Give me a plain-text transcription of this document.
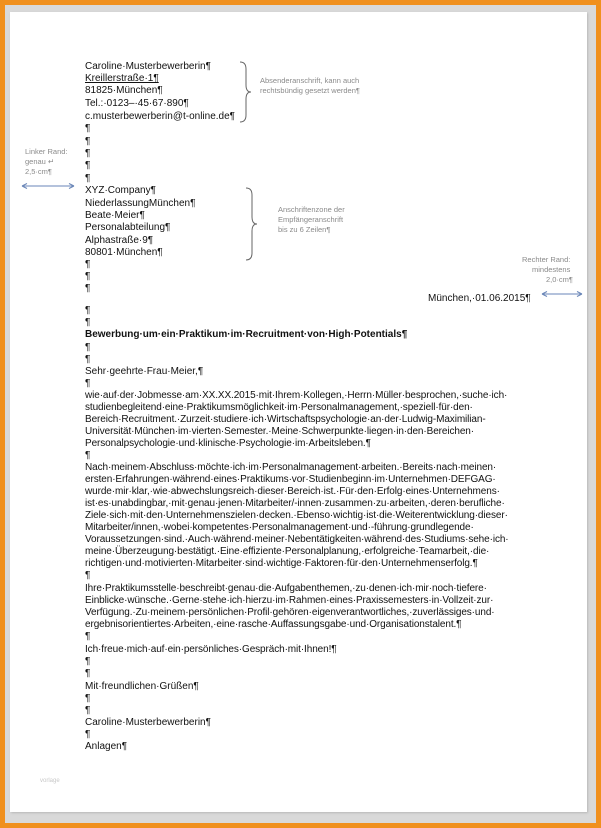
Caroline·Musterbewerberin¶
Kreillerstraße·1¶
81825·München¶
Tel.:·0123–·45·67·890¶
c.musterbewerberin@t-online.de¶
Absenderanschrift, kann auch
rechtsbündig gesetzt werden¶
¶
¶
¶
¶
¶
Linker Rand:
genau ↵
2,5·cm¶
XYZ·Company¶
NiederlassungMünchen¶
Beate·Meier¶
Personalabteilung¶
Alphastraße·9¶
80801·München¶
Anschriftenzone der
Empfängeranschrift
bis zu 6 Zeilen¶
¶
¶
¶
Rechter Rand:
mindestens
2,0·cm¶
München,·01.06.2015¶
¶
¶
Bewerbung·um·ein·Praktikum·im·Recruitment·von·High·Potentials¶
¶
¶
Sehr·geehrte·Frau·Meier,¶
¶
wie·auf·der·Jobmesse·am·XX.XX.2015·mit·Ihrem·Kollegen,·Herrn·Müller·besprochen,·suche·ich·
studienbegleitend·eine·Praktikumsmöglichkeit·im·Personalmanagement,·speziell·für·den·
Bereich·Recruitment.·Zurzeit·studiere·ich·Wirtschaftspsychologie·an·der·Ludwig-Maximilian-
Universität·München·im·vierten·Semester.·Meine·Schwerpunkte·liegen·in·den·Bereichen·
Personalpsychologie·und·klinische·Psychologie·im·Arbeitsleben.¶
¶
Nach·meinem·Abschluss·möchte·ich·im·Personalmanagement·arbeiten.·Bereits·nach·meinen·
ersten·Erfahrungen·während·eines·Praktikums·vor·Studienbeginn·im·Unternehmen·DEFGAG·
wurde·mir·klar,·wie·abwechslungsreich·dieser·Bereich·ist.·Für·den·Erfolg·eines·Unternehmens·
ist·es·unabdingbar,·mit·genau·jenen·Mitarbeiter/-innen·zusammen·zu·arbeiten,·deren·berufliche·
Ziele·sich·mit·den·Unternehmenszielen·decken.·Ebenso·wichtig·ist·die·Weiterentwicklung·dieser·
Mitarbeiter/innen,·wobei·kompetentes·Personalmanagement·und·-führung·grundlegende·
Voraussetzungen·sind.·Auch·während·meiner·Nebentätigkeiten·während·des·Studiums·sehe·ich·
meine·Überzeugung·bestätigt.·Eine·effiziente·Personalplanung,·erfolgreiche·Teamarbeit,·die·
richtigen·und·motivierten·Mitarbeiter·sind·wichtige·Faktoren·für·den·Unternehmenserfolg.¶
¶
Ihre·Praktikumsstelle·beschreibt·genau·die·Aufgabenthemen,·zu·denen·ich·mir·noch·tiefere·
Einblicke·wünsche.·Gerne·stehe·ich·hierzu·im·Rahmen·eines·Praxissemesters·in·Vollzeit·zur·
Verfügung.·Zu·meinem·persönlichen·Profil·gehören·eigenverantwortliches,·zuverlässiges·und·
ergebnisorientiertes·Arbeiten,·eine·rasche·Auffassungsgabe·und·Organisationstalent.¶
¶
Ich·freue·mich·auf·ein·persönliches·Gespräch·mit·Ihnen!¶
¶
¶
Mit·freundlichen·Grüßen¶
¶
¶
Caroline·Musterbewerberin¶
¶
Anlagen¶
vorlage
